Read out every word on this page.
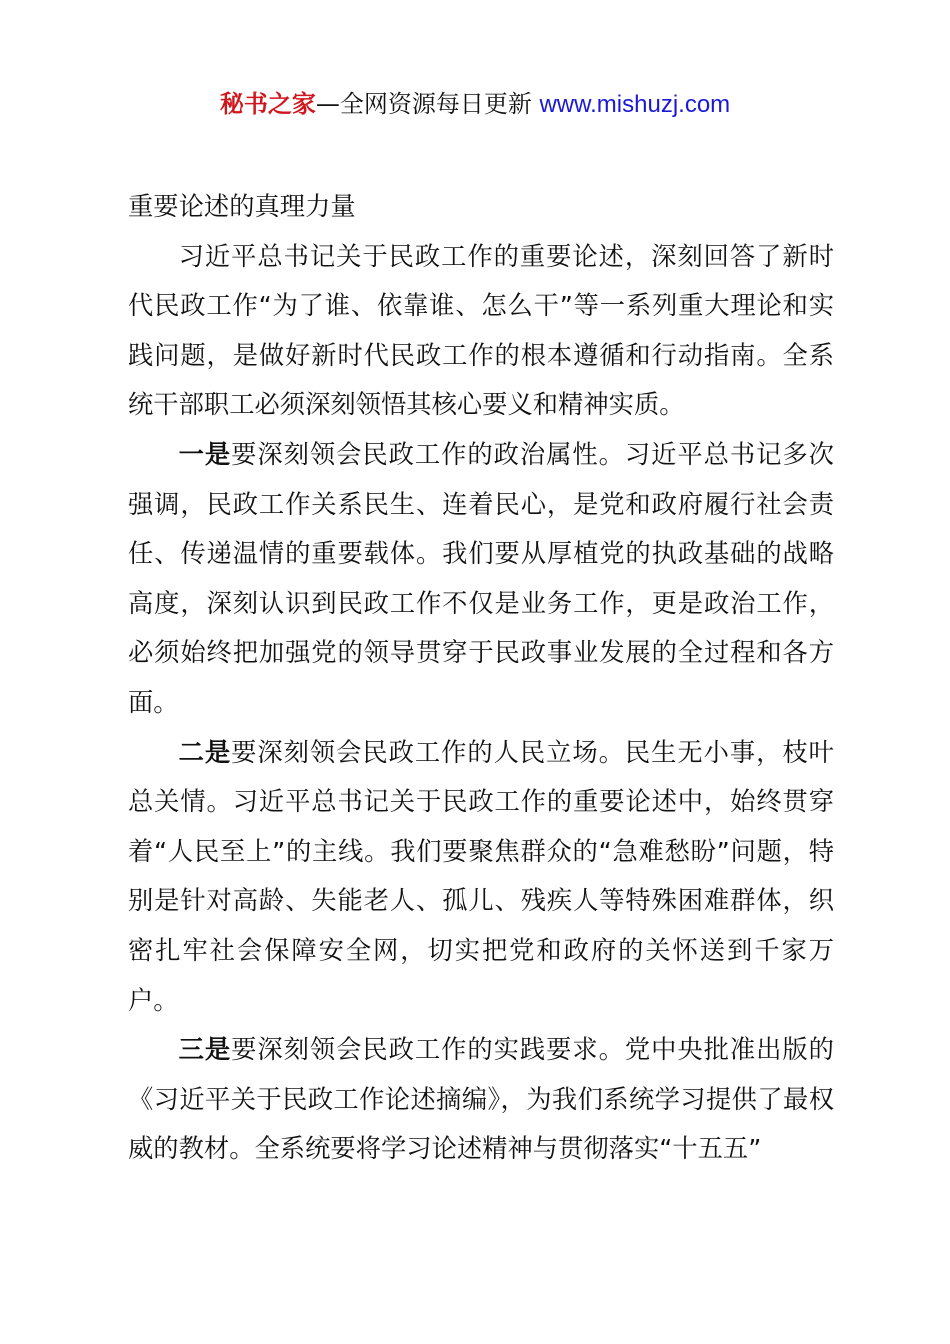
秘书之家—全网资源每日更新 www.mishuzj.com

重要论述的真理力量

习近平总书记关于民政工作的重要论述，深刻回答了新时代民政工作“为了谁、依靠谁、怎么干”等一系列重大理论和实践问题，是做好新时代民政工作的根本遵循和行动指南。全系统干部职工必须深刻领悟其核心要义和精神实质。

一是要深刻领会民政工作的政治属性。习近平总书记多次强调，民政工作关系民生、连着民心，是党和政府履行社会责任、传递温情的重要载体。我们要从厚植党的执政基础的战略高度，深刻认识到民政工作不仅是业务工作，更是政治工作，必须始终把加强党的领导贯穿于民政事业发展的全过程和各方面。

二是要深刻领会民政工作的人民立场。民生无小事，枝叶总关情。习近平总书记关于民政工作的重要论述中，始终贯穿着“人民至上”的主线。我们要聚焦群众的“急难愁盼”问题，特别是针对高龄、失能老人、孤儿、残疾人等特殊困难群体，织密扎牢社会保障安全网，切实把党和政府的关怀送到千家万户。

三是要深刻领会民政工作的实践要求。党中央批准出版的《习近平关于民政工作论述摘编》，为我们系统学习提供了最权威的教材。全系统要将学习论述精神与贯彻落实“十五五”
